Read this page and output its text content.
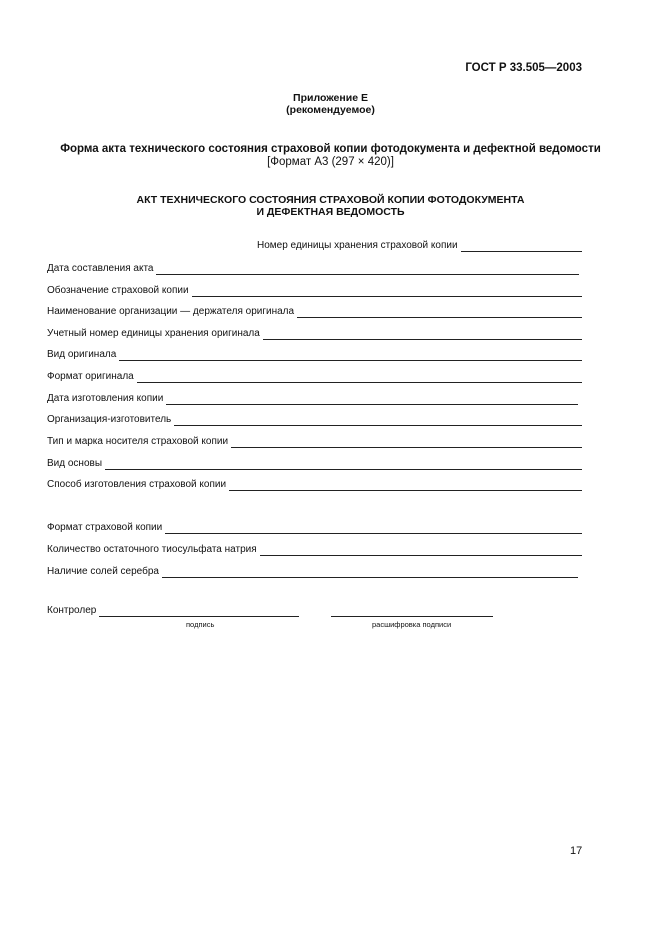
ГОСТ Р 33.505—2003
Приложение Е
(рекомендуемое)
Форма акта технического состояния страховой копии фотодокумента и дефектной ведомости
[Формат А3 (297 × 420)]
АКТ ТЕХНИЧЕСКОГО СОСТОЯНИЯ СТРАХОВОЙ КОПИИ ФОТОДОКУМЕНТА
И ДЕФЕКТНАЯ ВЕДОМОСТЬ
Номер единицы хранения страховой копии
Дата составления акта
Обозначение страховой копии
Наименование организации — держателя оригинала
Учетный номер единицы хранения оригинала
Вид оригинала
Формат оригинала
Дата изготовления копии
Организация-изготовитель
Тип и марка носителя страховой копии
Вид основы
Способ изготовления страховой копии
Формат страховой копии
Количество остаточного тиосульфата натрия
Наличие солей серебра
Контролер
подпись	расшифровка подписи
17
